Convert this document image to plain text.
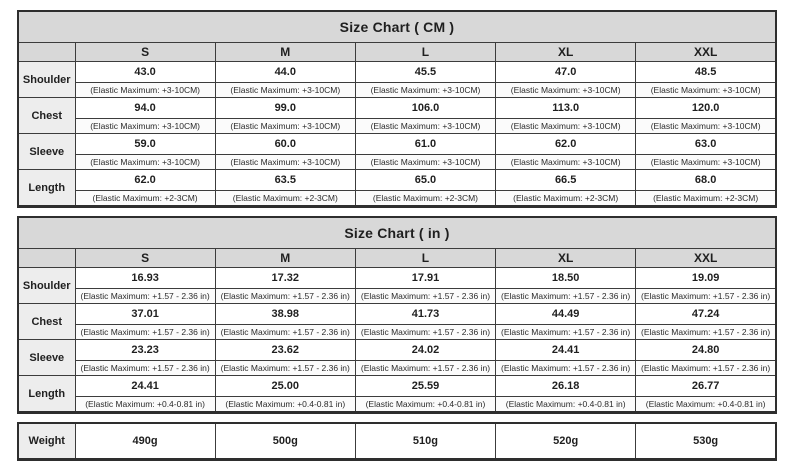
Size Chart ( CM )					
	S	M	L	XL	XXL
Shoulder	43.0	44.0	45.5	47.0	48.5
	(Elastic Maximum: +3-10CM)	(Elastic Maximum: +3-10CM)	(Elastic Maximum: +3-10CM)	(Elastic Maximum: +3-10CM)	(Elastic Maximum: +3-10CM)
Chest	94.0	99.0	106.0	113.0	120.0
	(Elastic Maximum: +3-10CM)	(Elastic Maximum: +3-10CM)	(Elastic Maximum: +3-10CM)	(Elastic Maximum: +3-10CM)	(Elastic Maximum: +3-10CM)
Sleeve	59.0	60.0	61.0	62.0	63.0
	(Elastic Maximum: +3-10CM)	(Elastic Maximum: +3-10CM)	(Elastic Maximum: +3-10CM)	(Elastic Maximum: +3-10CM)	(Elastic Maximum: +3-10CM)
Length	62.0	63.5	65.0	66.5	68.0
	(Elastic Maximum: +2-3CM)	(Elastic Maximum: +2-3CM)	(Elastic Maximum: +2-3CM)	(Elastic Maximum: +2-3CM)	(Elastic Maximum: +2-3CM)
Size Chart ( in )					
	S	M	L	XL	XXL
Shoulder	16.93	17.32	17.91	18.50	19.09
	(Elastic Maximum: +1.57 - 2.36 in)	(Elastic Maximum: +1.57 - 2.36 in)	(Elastic Maximum: +1.57 - 2.36 in)	(Elastic Maximum: +1.57 - 2.36 in)	(Elastic Maximum: +1.57 - 2.36 in)
Chest	37.01	38.98	41.73	44.49	47.24
	(Elastic Maximum: +1.57 - 2.36 in)	(Elastic Maximum: +1.57 - 2.36 in)	(Elastic Maximum: +1.57 - 2.36 in)	(Elastic Maximum: +1.57 - 2.36 in)	(Elastic Maximum: +1.57 - 2.36 in)
Sleeve	23.23	23.62	24.02	24.41	24.80
	(Elastic Maximum: +1.57 - 2.36 in)	(Elastic Maximum: +1.57 - 2.36 in)	(Elastic Maximum: +1.57 - 2.36 in)	(Elastic Maximum: +1.57 - 2.36 in)	(Elastic Maximum: +1.57 - 2.36 in)
Length	24.41	25.00	25.59	26.18	26.77
	(Elastic Maximum: +0.4-0.81 in)	(Elastic Maximum: +0.4-0.81 in)	(Elastic Maximum: +0.4-0.81 in)	(Elastic Maximum: +0.4-0.81 in)	(Elastic Maximum: +0.4-0.81 in)
Weight	490g	500g	510g	520g	530g
